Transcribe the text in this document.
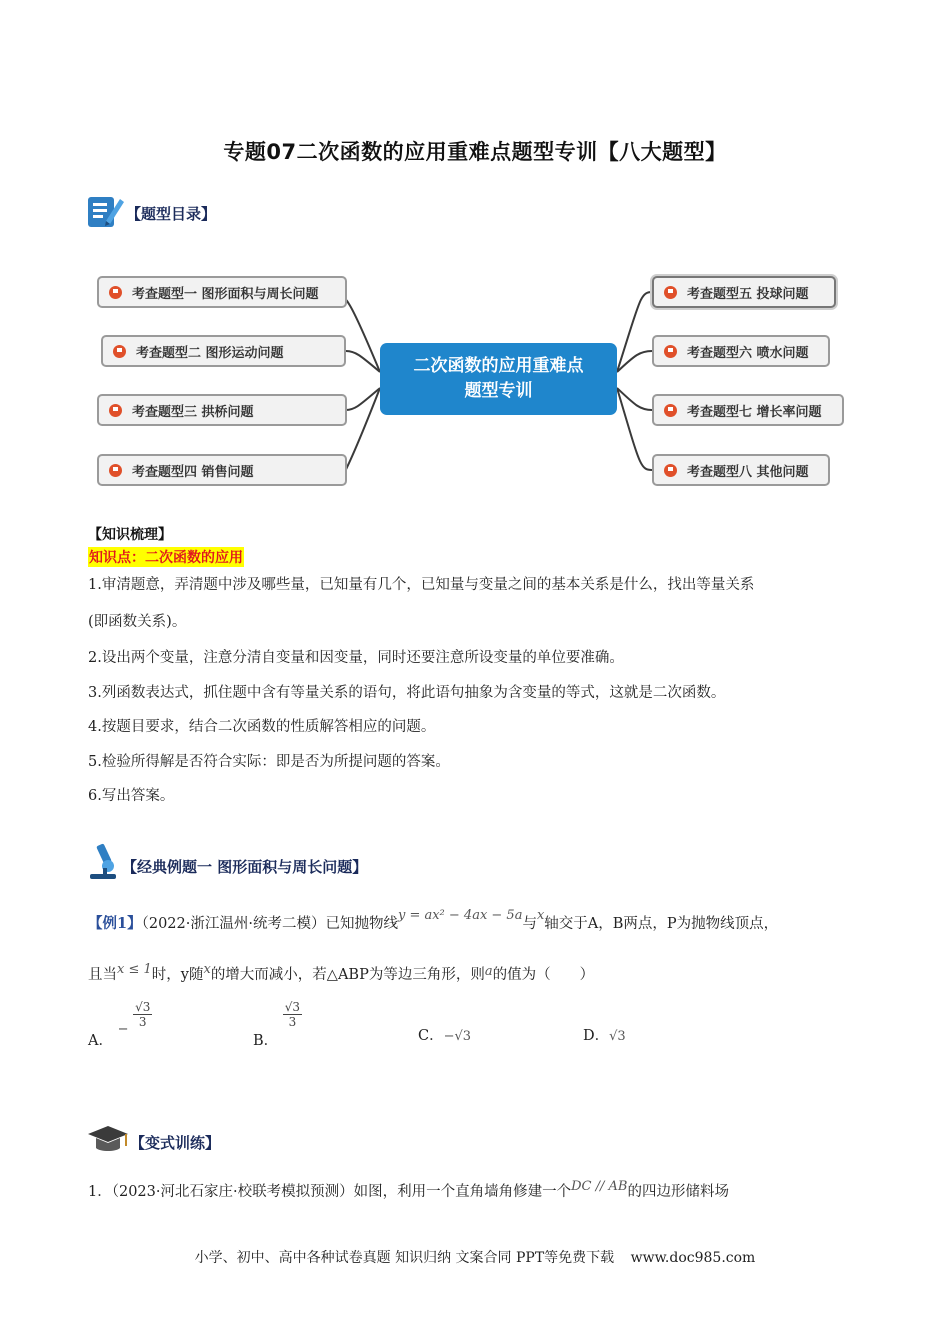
专题07二次函数的应用重难点题型专训【八大题型】
【题型目录】
考查题型一 图形面积与周长问题
考查题型二 图形运动问题
考查题型三 拱桥问题
考查题型四 销售问题
二次函数的应用重难点
题型专训
考查题型五 投球问题
考查题型六 喷水问题
考查题型七 增长率问题
考查题型八 其他问题
【知识梳理】
知识点：二次函数的应用
1.审清题意，弄清题中涉及哪些量，已知量有几个，已知量与变量之间的基本关系是什么，找出等量关系
(即函数关系)。
2.设出两个变量，注意分清自变量和因变量，同时还要注意所设变量的单位要准确。
3.列函数表达式，抓住题中含有等量关系的语句，将此语句抽象为含变量的等式，这就是二次函数。
4.按题目要求，结合二次函数的性质解答相应的问题。
5.检验所得解是否符合实际：即是否为所提问题的答案。
6.写出答案。
【经典例题一 图形面积与周长问题】
【例1】（2022·浙江温州·统考二模）已知抛物线y = ax² − 4ax − 5a与x轴交于A，B两点，P为抛物线顶点，
且当x ≤ 1时，y随x的增大而减小，若△ABP为等边三角形，则a的值为（　　）
A． − $\frac{√3}{3}$
B．
$\frac{√3}{3}$
C．−√3	D．√3
【变式训练】
1．（2023·河北石家庄·校联考模拟预测）如图，利用一个直角墙角修建一个DC // AB的四边形储料场
小学、初中、高中各种试卷真题 知识归纳 文案合同 PPT等免费下载 www.doc985.com
